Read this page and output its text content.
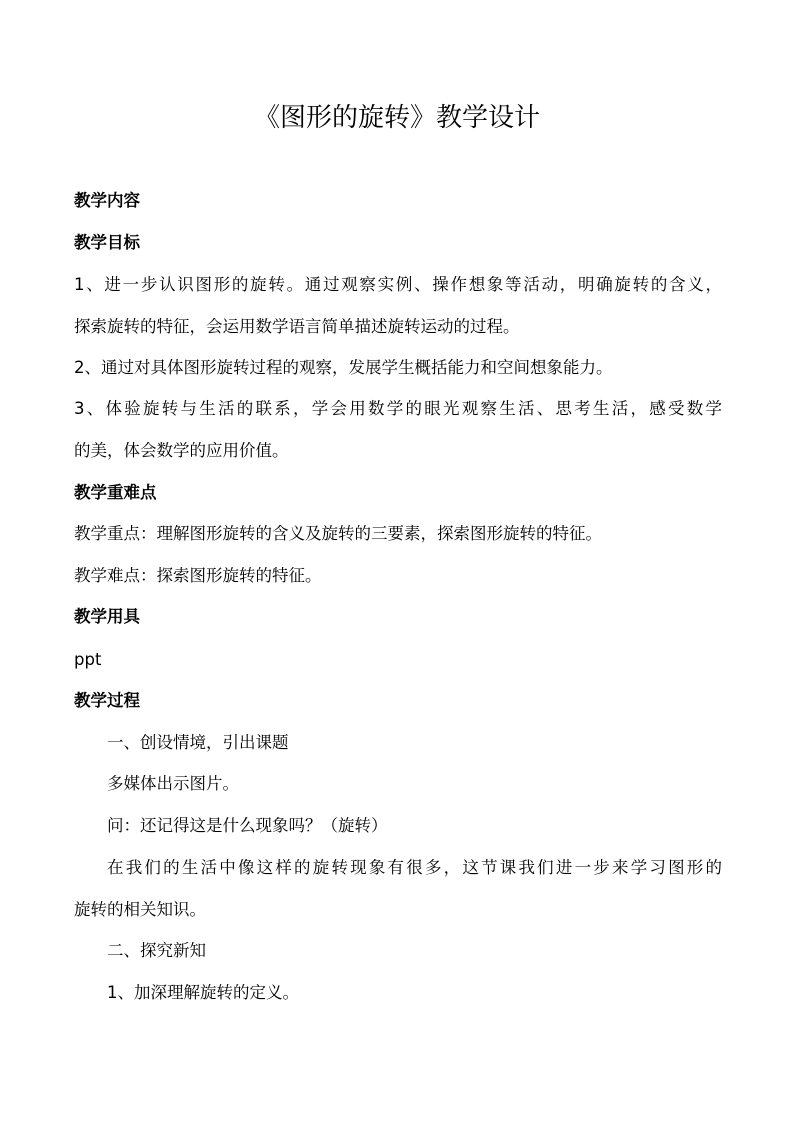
《图形的旋转》教学设计
教学内容
教学目标
1、进一步认识图形的旋转。通过观察实例、操作想象等活动，明确旋转的含义，
探索旋转的特征，会运用数学语言简单描述旋转运动的过程。
2、通过对具体图形旋转过程的观察，发展学生概括能力和空间想象能力。
3、体验旋转与生活的联系，学会用数学的眼光观察生活、思考生活，感受数学
的美，体会数学的应用价值。
教学重难点
教学重点：理解图形旋转的含义及旋转的三要素，探索图形旋转的特征。
教学难点：探索图形旋转的特征。
教学用具
ppt
教学过程
一、创设情境，引出课题
多媒体出示图片。
问：还记得这是什么现象吗？（旋转）
在我们的生活中像这样的旋转现象有很多，这节课我们进一步来学习图形的
旋转的相关知识。
二、探究新知
1、加深理解旋转的定义。
